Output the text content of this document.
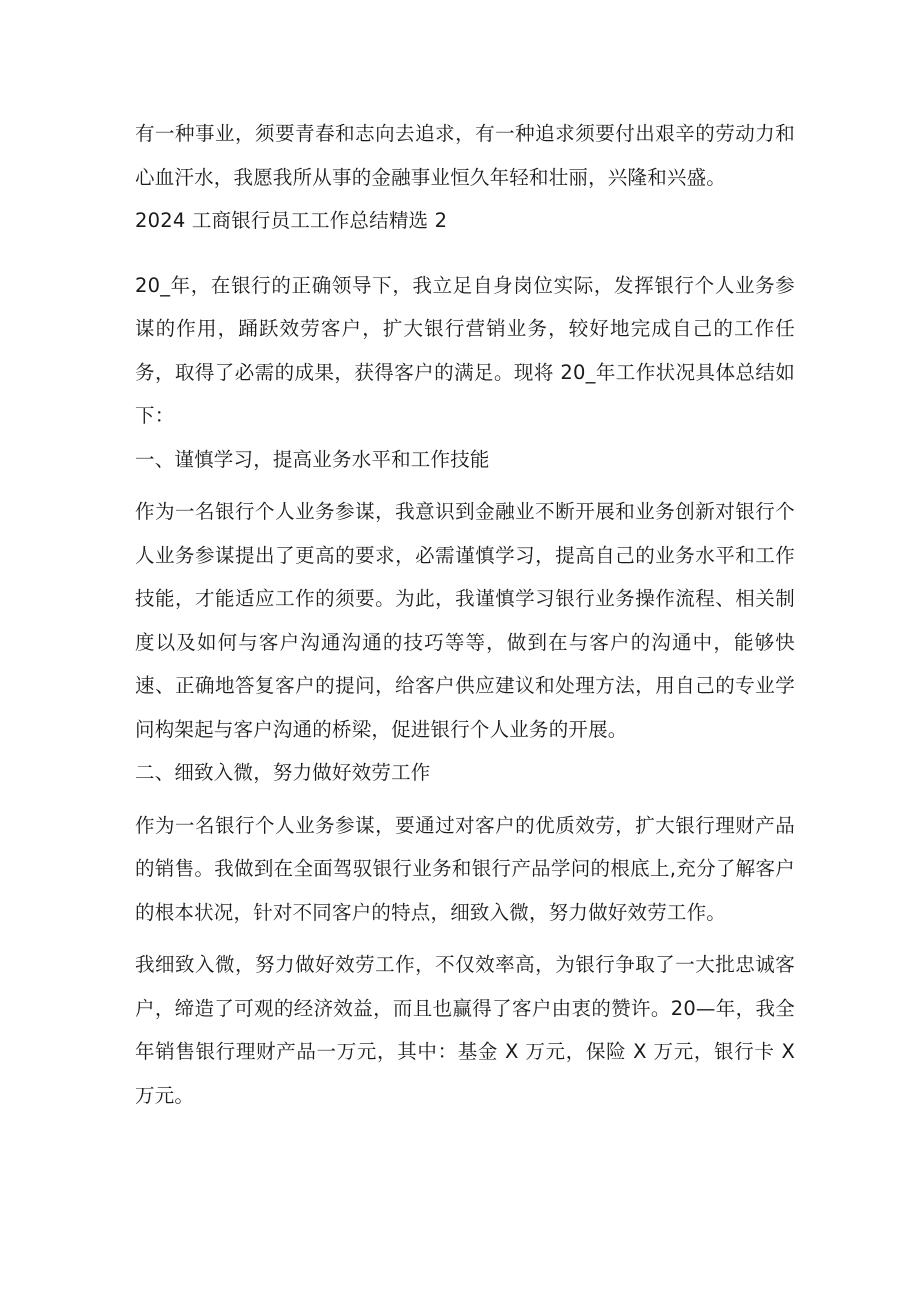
有一种事业，须要青春和志向去追求，有一种追求须要付出艰辛的劳动力和心血汗水，我愿我所从事的金融事业恒久年轻和壮丽，兴隆和兴盛。

2024 工商银行员工工作总结精选 2

20_年，在银行的正确领导下，我立足自身岗位实际，发挥银行个人业务参谋的作用，踊跃效劳客户，扩大银行营销业务，较好地完成自己的工作任务，取得了必需的成果，获得客户的满足。现将 20_年工作状况具体总结如下：

一、谨慎学习，提高业务水平和工作技能

作为一名银行个人业务参谋，我意识到金融业不断开展和业务创新对银行个人业务参谋提出了更高的要求，必需谨慎学习，提高自己的业务水平和工作技能，才能适应工作的须要。为此，我谨慎学习银行业务操作流程、相关制度以及如何与客户沟通沟通的技巧等等，做到在与客户的沟通中，能够快速、正确地答复客户的提问，给客户供应建议和处理方法，用自己的专业学问构架起与客户沟通的桥梁，促进银行个人业务的开展。

二、细致入微，努力做好效劳工作

作为一名银行个人业务参谋，要通过对客户的优质效劳，扩大银行理财产品的销售。我做到在全面驾驭银行业务和银行产品学问的根底上,充分了解客户的根本状况，针对不同客户的特点，细致入微，努力做好效劳工作。

我细致入微，努力做好效劳工作，不仅效率高，为银行争取了一大批忠诚客户，缔造了可观的经济效益，而且也赢得了客户由衷的赞许。20—年，我全年销售银行理财产品一万元，其中：基金 X 万元，保险 X 万元，银行卡 X 万元。
